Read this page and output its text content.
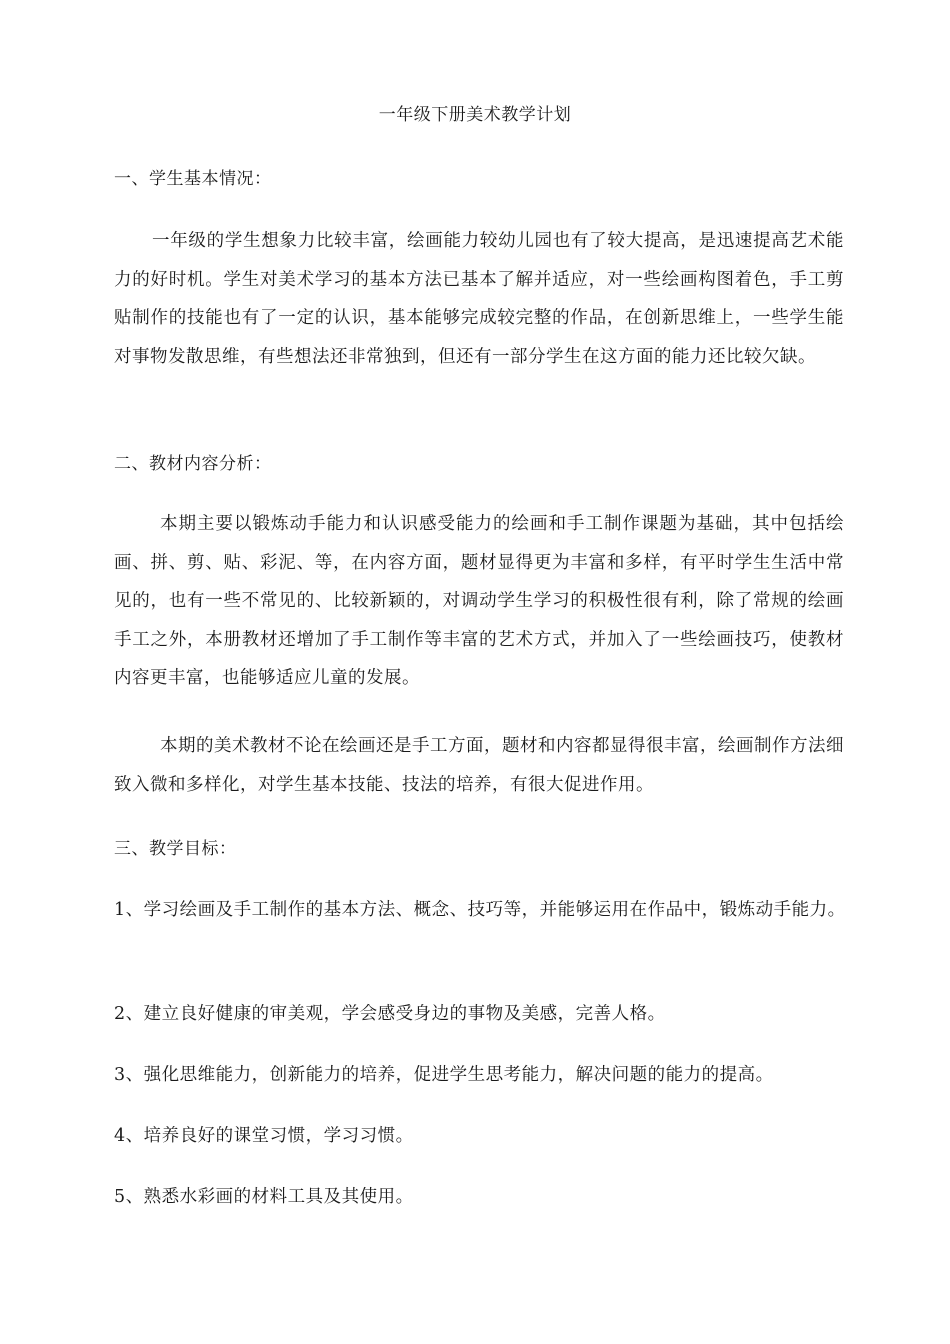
一年级下册美术教学计划
一、学生基本情况：

一年级的学生想象力比较丰富，绘画能力较幼儿园也有了较大提高，是迅速提高艺术能力的好时机。学生对美术学习的基本方法已基本了解并适应，对一些绘画构图着色，手工剪贴制作的技能也有了一定的认识，基本能够完成较完整的作品，在创新思维上，一些学生能对事物发散思维，有些想法还非常独到，但还有一部分学生在这方面的能力还比较欠缺。

二、教材内容分析：

本期主要以锻炼动手能力和认识感受能力的绘画和手工制作课题为基础，其中包括绘画、拼、剪、贴、彩泥、等，在内容方面，题材显得更为丰富和多样，有平时学生生活中常见的，也有一些不常见的、比较新颖的，对调动学生学习的积极性很有利，除了常规的绘画手工之外，本册教材还增加了手工制作等丰富的艺术方式，并加入了一些绘画技巧，使教材内容更丰富，也能够适应儿童的发展。

本期的美术教材不论在绘画还是手工方面，题材和内容都显得很丰富，绘画制作方法细致入微和多样化，对学生基本技能、技法的培养，有很大促进作用。

三、教学目标：

1、学习绘画及手工制作的基本方法、概念、技巧等，并能够运用在作品中，锻炼动手能力。

2、建立良好健康的审美观，学会感受身边的事物及美感，完善人格。

3、强化思维能力，创新能力的培养，促进学生思考能力，解决问题的能力的提高。

4、培养良好的课堂习惯，学习习惯。

5、熟悉水彩画的材料工具及其使用。
